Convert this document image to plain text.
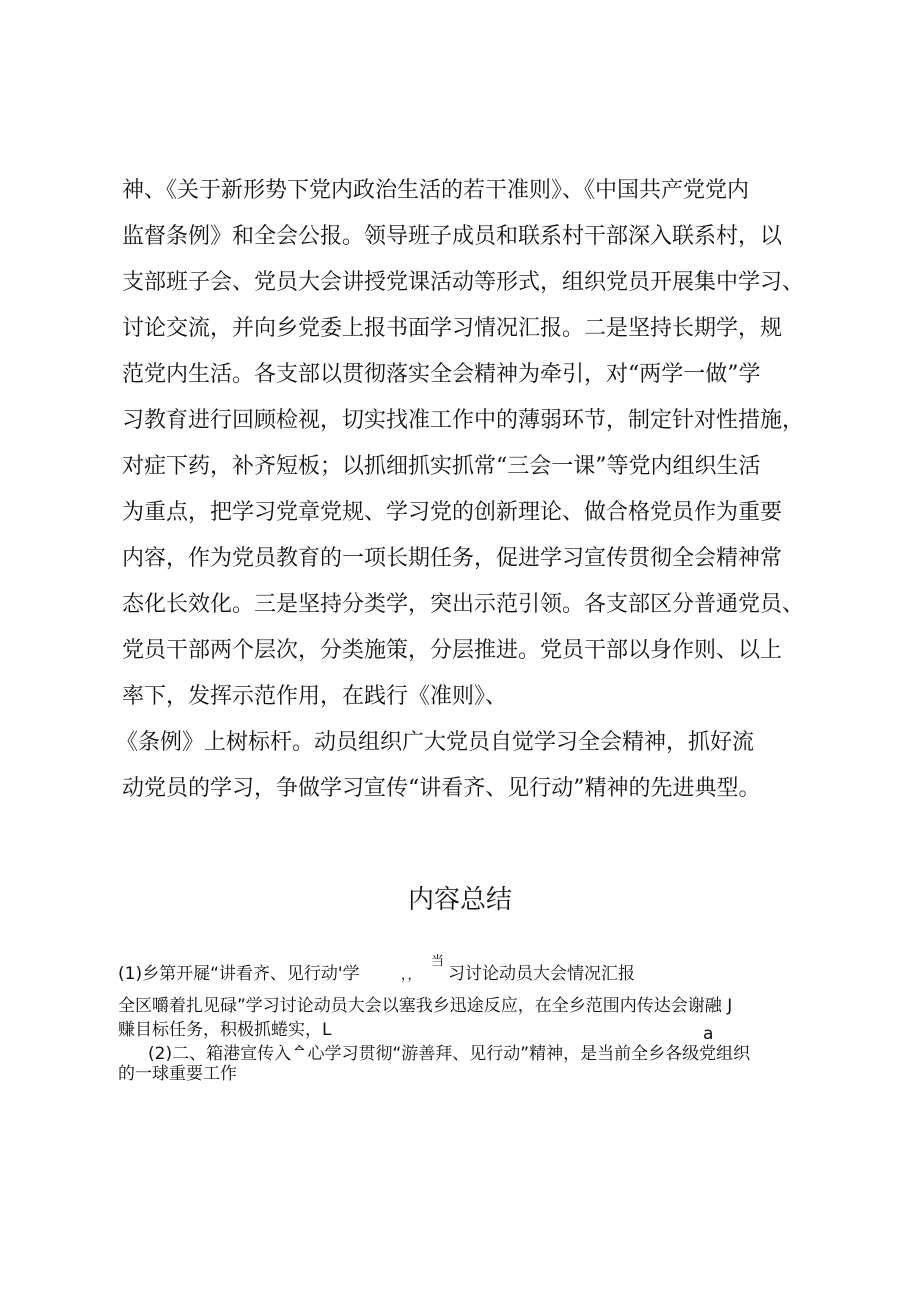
神、《关于新形势下党内政治生活的若干准则》、《中国共产党党内
监督条例》和全会公报。领导班子成员和联系村干部深入联系村，以
支部班子会、党员大会讲授党课活动等形式，组织党员开展集中学习、
讨论交流，并向乡党委上报书面学习情况汇报。二是坚持长期学，规
范党内生活。各支部以贯彻落实全会精神为牵引，对“两学一做”学
习教育进行回顾检视，切实找准工作中的薄弱环节，制定针对性措施，
对症下药，补齐短板；以抓细抓实抓常“三会一课”等党内组织生活
为重点，把学习党章党规、学习党的创新理论、做合格党员作为重要
内容，作为党员教育的一项长期任务，促进学习宣传贯彻全会精神常
态化长效化。三是坚持分类学，突出示范引领。各支部区分普通党员、
党员干部两个层次，分类施策，分层推进。党员干部以身作则、以上
率下，发挥示范作用，在践行《准则》、
《条例》上树标杆。动员组织广大党员自觉学习全会精神，抓好流
动党员的学习，争做学习宣传“讲看齐、见行动”精神的先进典型。
内容总结
(1)乡第开屣“讲看齐、见行动'学	，，
当
习讨论动员大会情况汇报
全区嚼着扎见碌”学习讨论动员大会以塞我乡迅途反应，在全乡范围内传达会谢融 J
赚目标任务，积极抓蜷实，L	a
(2)二、箱港宣传入ᅀ心学习贯彻“游善拜、见行动”精神，是当前全乡各级党组织
的一球重要工作
